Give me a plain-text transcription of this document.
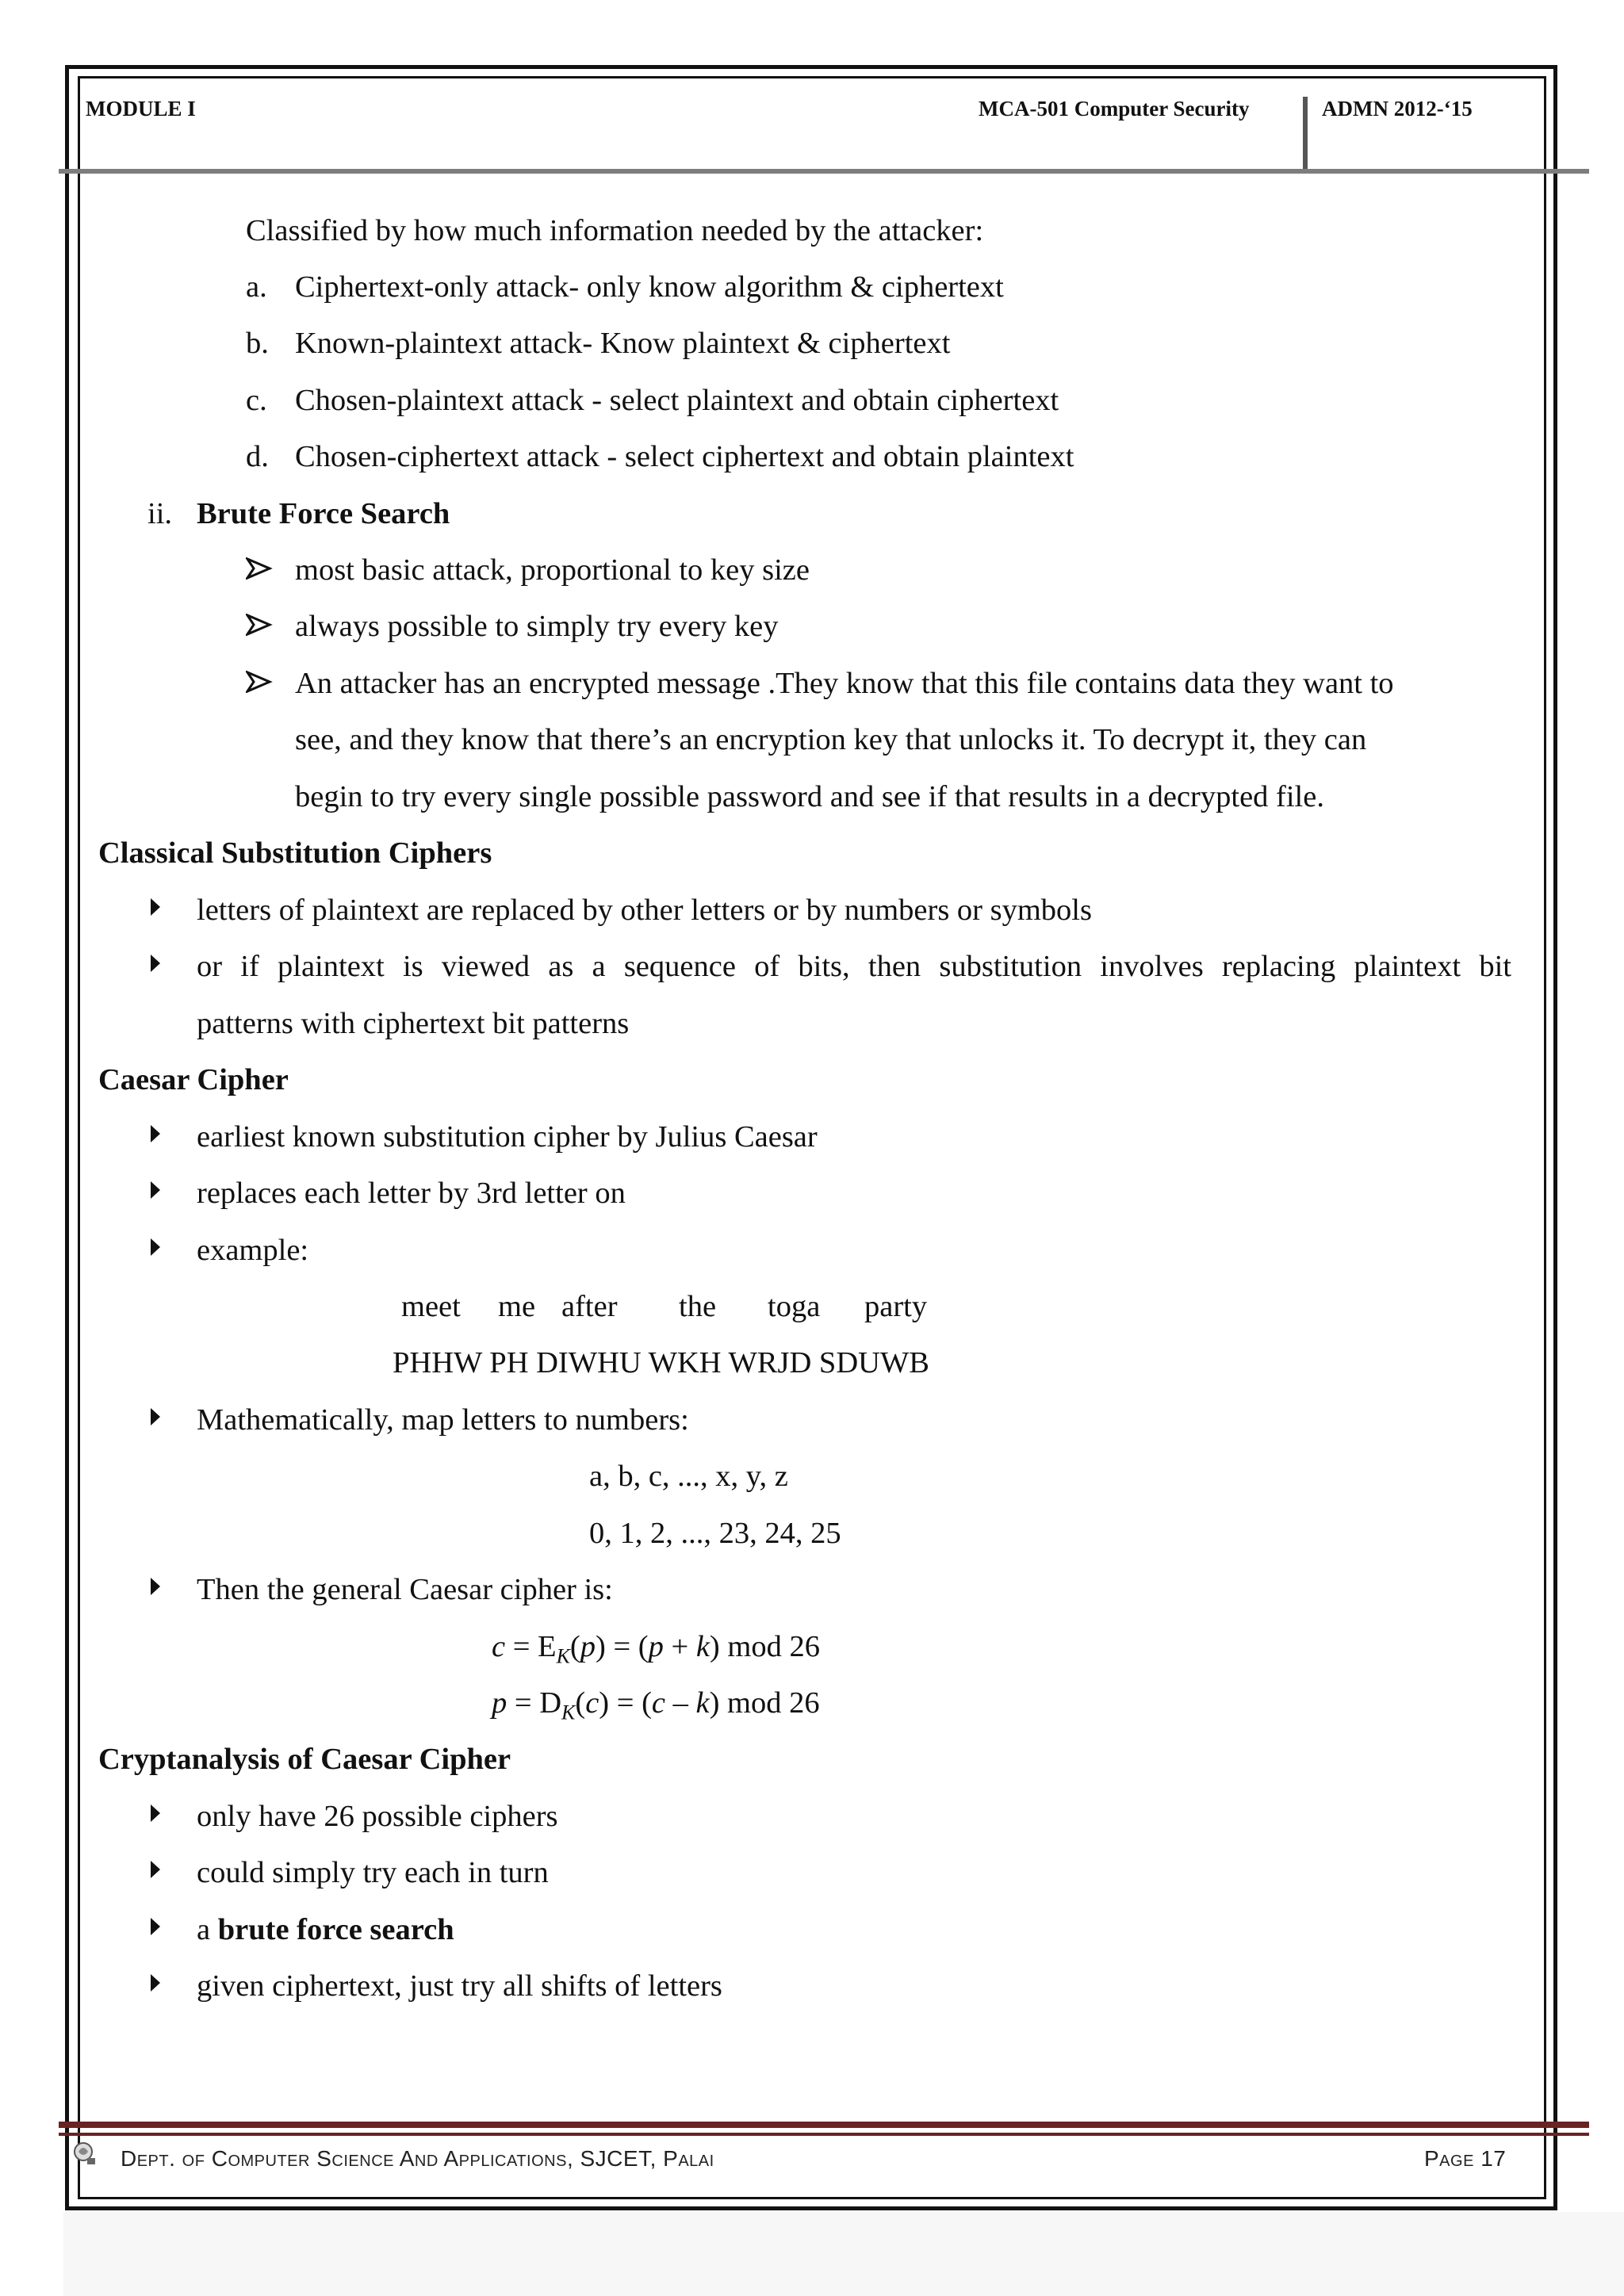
MODULE I	MCA-501 Computer Security	ADMN 2012-‘15
Classified by how much information needed by the attacker:
a. Ciphertext-only attack- only know algorithm & ciphertext
b. Known-plaintext attack- Know plaintext & ciphertext
c. Chosen-plaintext attack - select plaintext and obtain ciphertext
d. Chosen-ciphertext attack - select ciphertext and obtain plaintext
ii. Brute Force Search
most basic attack, proportional to key size
always possible to simply try every key
An attacker has an encrypted message .They know that this file contains data they want to
see, and they know that there’s an encryption key that unlocks it. To decrypt it, they can
begin to try every single possible password and see if that results in a decrypted file.
Classical Substitution Ciphers
letters of plaintext are replaced by other letters or by numbers or symbols
or if plaintext is viewed as a sequence of bits, then substitution involves replacing plaintext bit
patterns with ciphertext bit patterns
Caesar Cipher
earliest known substitution cipher by Julius Caesar
replaces each letter by 3rd letter on
example:
meet me after the toga party
PHHW PH DIWHU WKH WRJD SDUWB
Mathematically, map letters to numbers:
a, b, c, ..., x, y, z
0, 1, 2, ..., 23, 24, 25
Then the general Caesar cipher is:
$c = E_K(p) = (p + k)$ mod 26
$p = D_K(c) = (c - k)$ mod 26
Cryptanalysis of Caesar Cipher
only have 26 possible ciphers
could simply try each in turn
a brute force search
given ciphertext, just try all shifts of letters
Dept. of Computer Science And Applications, SJCET, Palai	Page 17
